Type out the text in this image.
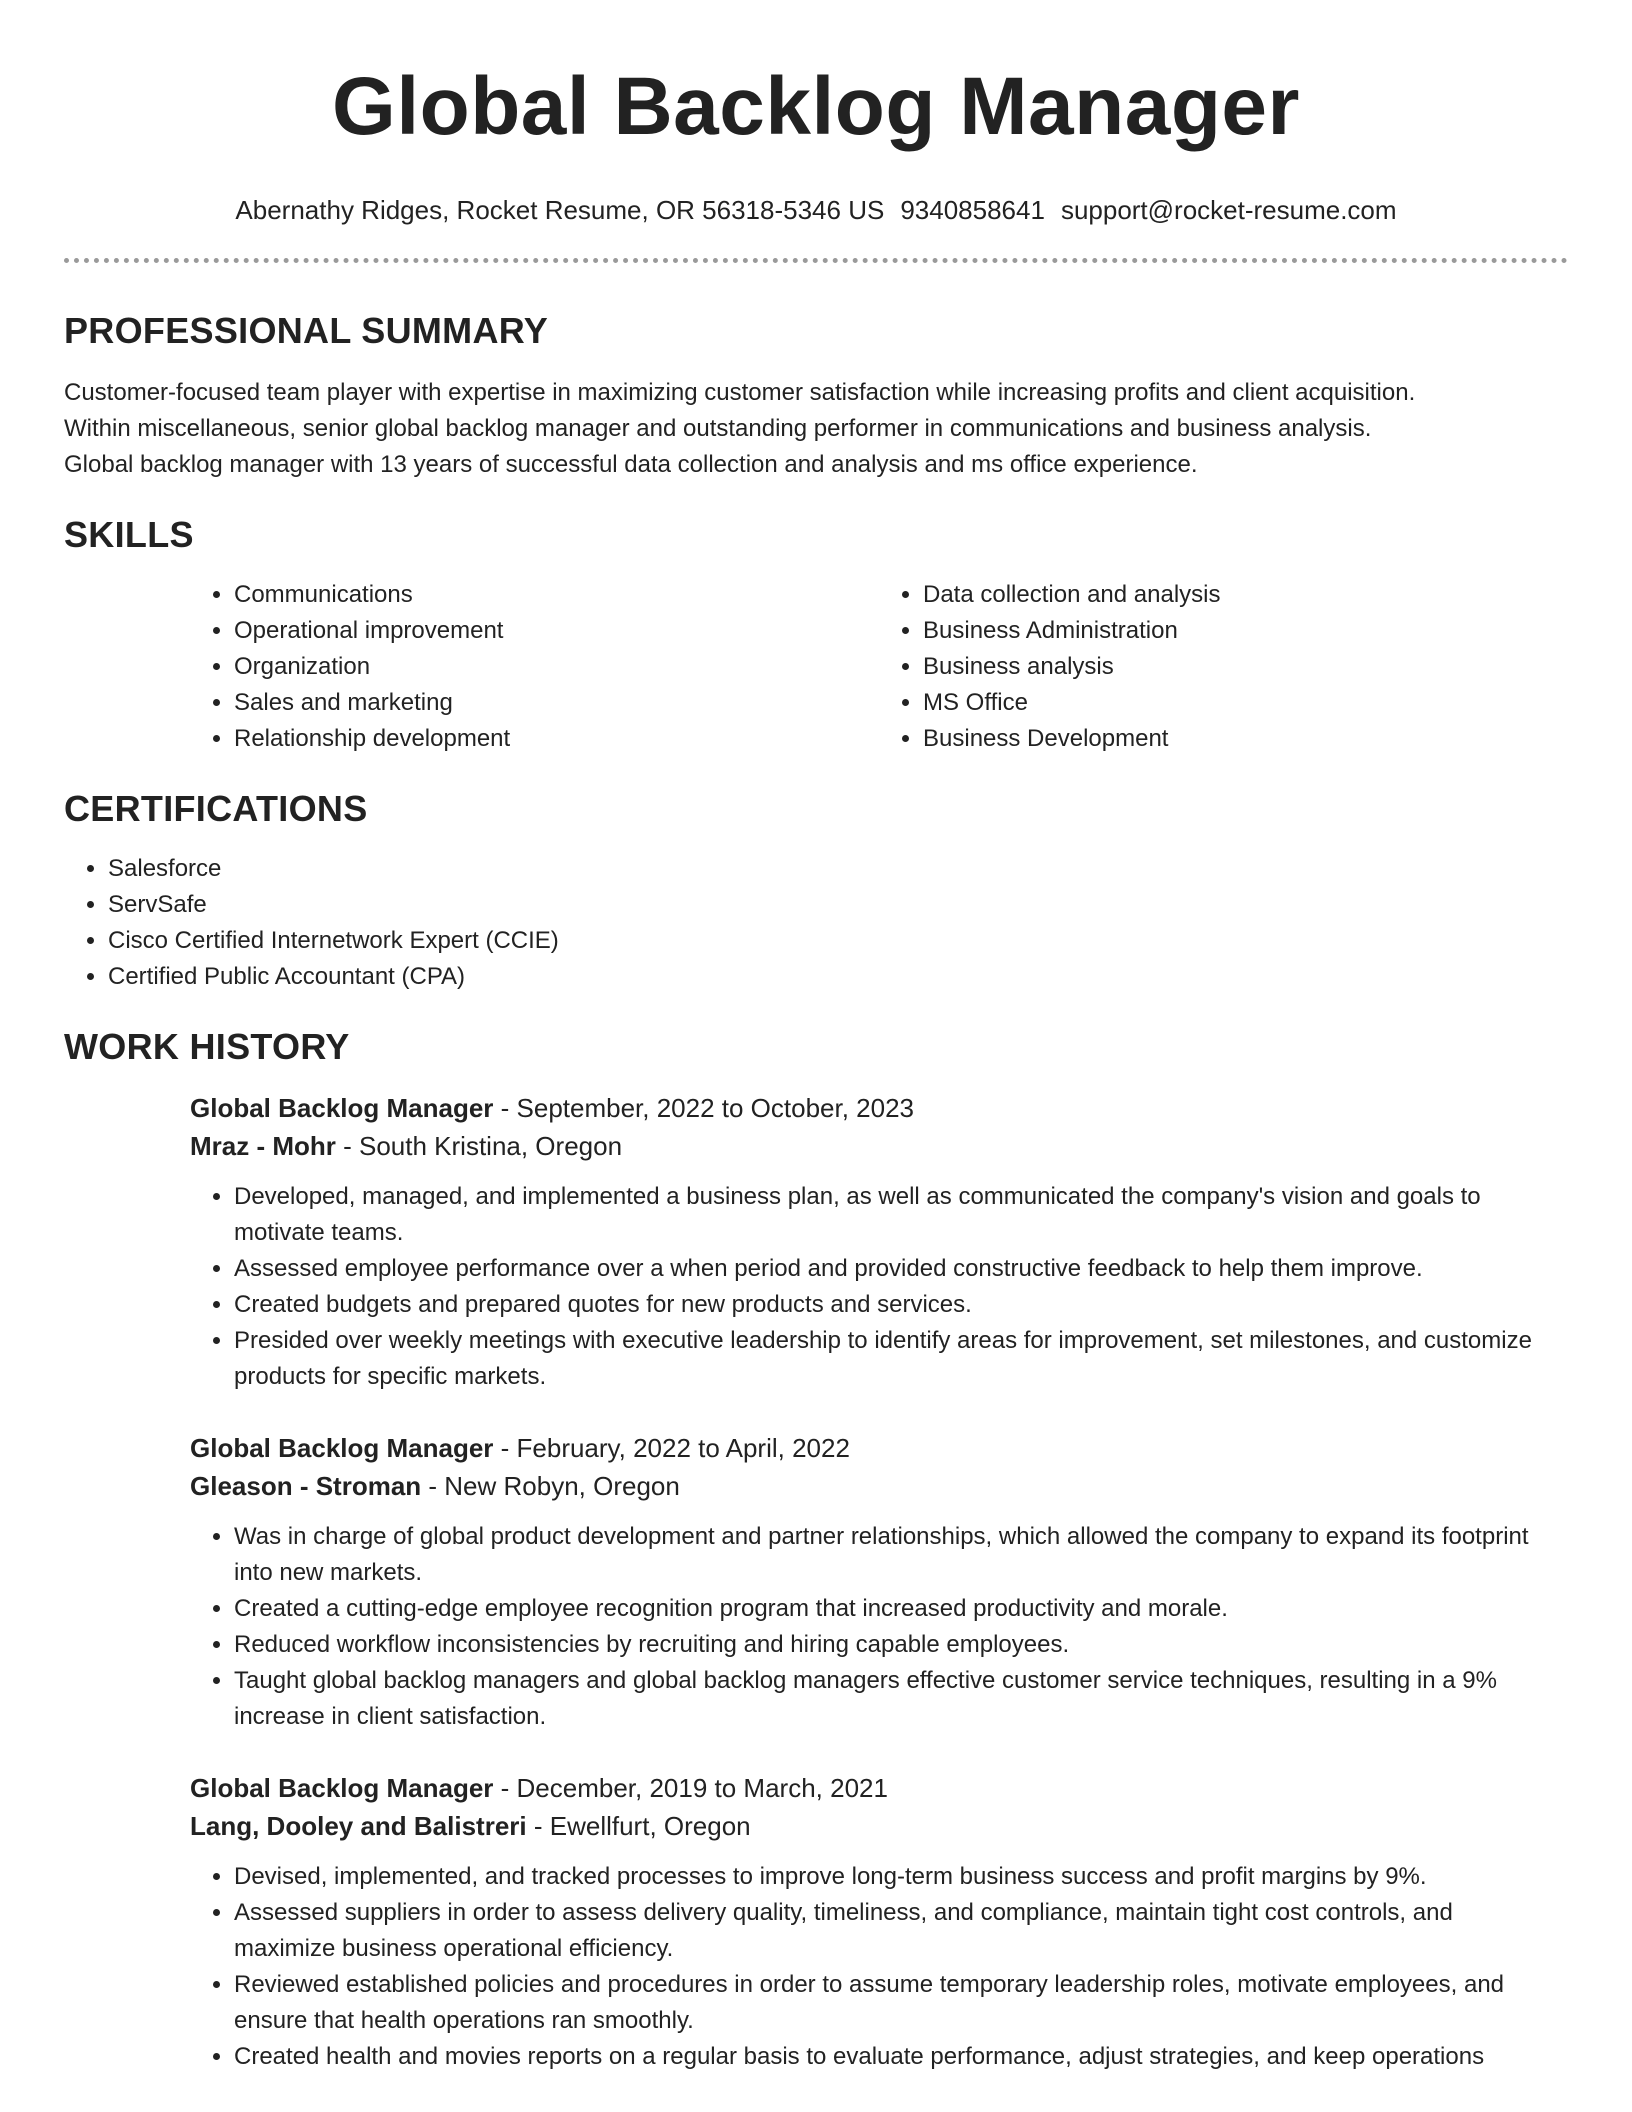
Global Backlog Manager
Abernathy Ridges, Rocket Resume, OR 56318-5346 US 9340858641 support@rocket-resume.com
PROFESSIONAL SUMMARY

Customer-focused team player with expertise in maximizing customer satisfaction while increasing profits and client acquisition. Within miscellaneous, senior global backlog manager and outstanding performer in communications and business analysis. Global backlog manager with 13 years of successful data collection and analysis and ms office experience.

SKILLS
• Communications
• Operational improvement
• Organization
• Sales and marketing
• Relationship development
• Data collection and analysis
• Business Administration
• Business analysis
• MS Office
• Business Development
CERTIFICATIONS
• Salesforce
• ServSafe
• Cisco Certified Internetwork Expert (CCIE)
• Certified Public Accountant (CPA)
WORK HISTORY

Global Backlog Manager - September, 2022 to October, 2023

Mraz - Mohr - South Kristina, Oregon

• Developed, managed, and implemented a business plan, as well as communicated the company's vision and goals to motivate teams.
• Assessed employee performance over a when period and provided constructive feedback to help them improve.
• Created budgets and prepared quotes for new products and services.
• Presided over weekly meetings with executive leadership to identify areas for improvement, set milestones, and customize products for specific markets.

Global Backlog Manager - February, 2022 to April, 2022

Gleason - Stroman - New Robyn, Oregon

• Was in charge of global product development and partner relationships, which allowed the company to expand its footprint into new markets.
• Created a cutting-edge employee recognition program that increased productivity and morale.
• Reduced workflow inconsistencies by recruiting and hiring capable employees.
• Taught global backlog managers and global backlog managers effective customer service techniques, resulting in a 9% increase in client satisfaction.

Global Backlog Manager - December, 2019 to March, 2021

Lang, Dooley and Balistreri - Ewellfurt, Oregon

• Devised, implemented, and tracked processes to improve long-term business success and profit margins by 9%.
• Assessed suppliers in order to assess delivery quality, timeliness, and compliance, maintain tight cost controls, and maximize business operational efficiency.
• Reviewed established policies and procedures in order to assume temporary leadership roles, motivate employees, and ensure that health operations ran smoothly.
• Created health and movies reports on a regular basis to evaluate performance, adjust strategies, and keep operations
